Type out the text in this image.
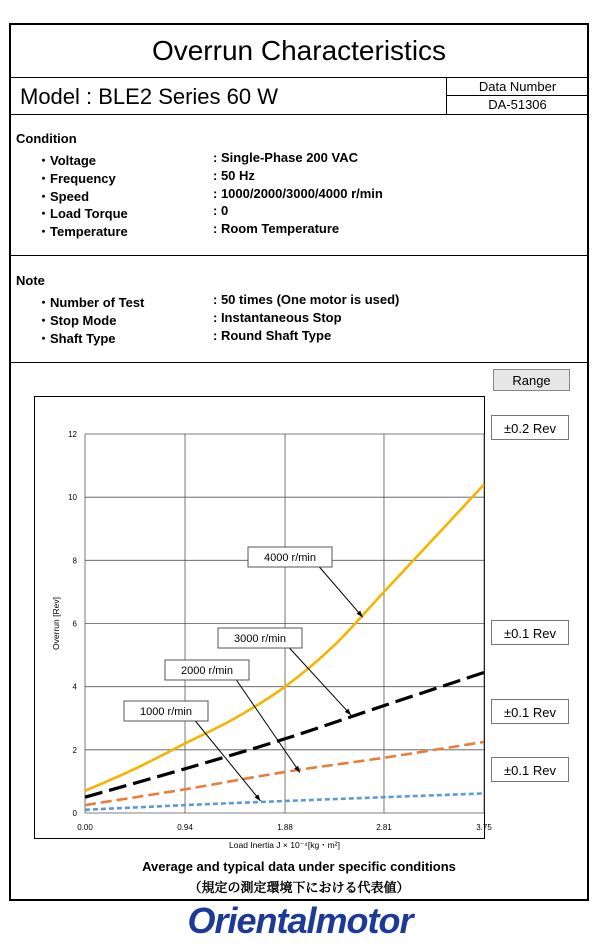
Overrun Characteristics
Model : BLE2 Series 60 W	Data Number
DA-51306
Condition
・Voltage	: Single-Phase 200 VAC
・Frequency	: 50 Hz
・Speed	: 1000/2000/3000/4000 r/min
・Load Torque	: 0
・Temperature	: Room Temperature
Note
・Number of Test	: 50 times (One motor is used)
・Stop Mode	: Instantaneous Stop
・Shaft Type	: Round Shaft Type
Range
±0.2 Rev
±0.1 Rev
±0.1 Rev
±0.1 Rev
0.00	0.94	1.88	2.81	3.75
0
2
4
6
8
10
12
Load Inertia J × 10⁻⁴[kg・m²]
Overrun [Rev]
4000 r/min
3000 r/min
2000 r/min
1000 r/min
Average and typical data under specific conditions
（規定の測定環境下における代表値）
Orientalmotor
